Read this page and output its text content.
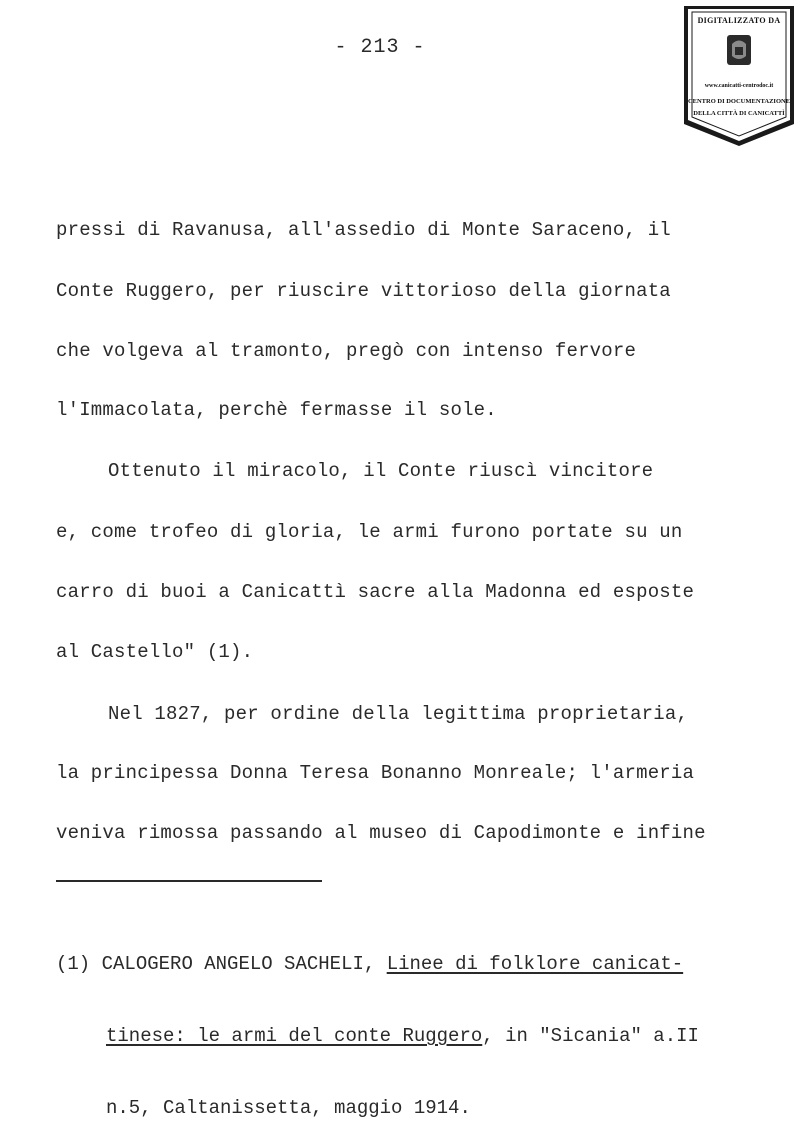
- 213 -
DIGITALIZZATO DA
www.canicatti-centrodoc.it
CENTRO DI DOCUMENTAZIONE
DELLA CITTÀ DI CANICATTÌ
pressi di Ravanusa, all'assedio di Monte Saraceno, il
Conte Ruggero, per riuscire vittorioso della giornata
che volgeva al tramonto, pregò con intenso fervore
l'Immacolata, perchè fermasse il sole.
Ottenuto il miracolo, il Conte riuscì vincitore
e, come trofeo di gloria, le armi furono portate su un
carro di buoi a Canicattì sacre alla Madonna ed esposte
al Castello" (1).
Nel 1827, per ordine della legittima proprietaria,
la principessa Donna Teresa Bonanno Monreale; l'armeria
veniva rimossa passando al museo di Capodimonte e infine

(1) CALOGERO ANGELO SACHELI, Linee di folklore canicat-

tinese: le armi del conte Ruggero, in "Sicania" a.II

n.5, Caltanissetta, maggio 1914.
